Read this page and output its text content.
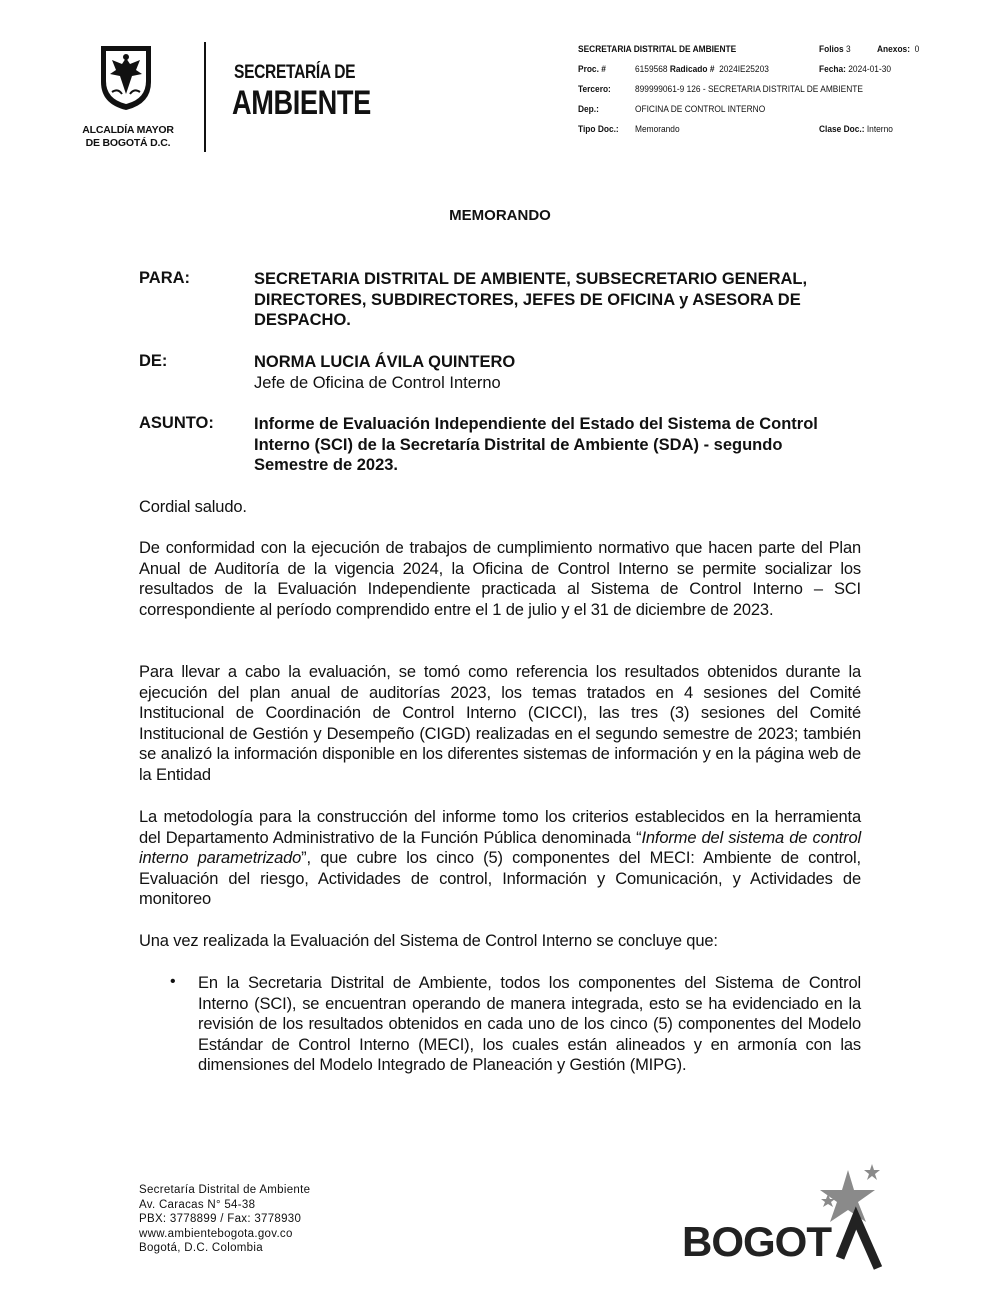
ALCALDÍA MAYOR
DE BOGOTÁ D.C.
SECRETARÍA DE
AMBIENTE
SECRETARIA DISTRITAL DE AMBIENTE	Folios 3	Anexos: 0
Proc. #	6159568 Radicado # 2024IE25203	Fecha: 2024-01-30
Tercero:	899999061-9 126 - SECRETARIA DISTRITAL DE AMBIENTE
Dep.:	OFICINA DE CONTROL INTERNO
Tipo Doc.: Memorando	Clase Doc.: Interno
MEMORANDO
PARA:	SECRETARIA DISTRITAL DE AMBIENTE, SUBSECRETARIO GENERAL, DIRECTORES, SUBDIRECTORES, JEFES DE OFICINA y ASESORA DE DESPACHO.
DE:	NORMA LUCIA ÁVILA QUINTERO
Jefe de Oficina de Control Interno
ASUNTO: Informe de Evaluación Independiente del Estado del Sistema de Control Interno (SCI) de la Secretaría Distrital de Ambiente (SDA) - segundo Semestre de 2023.
Cordial saludo.
De conformidad con la ejecución de trabajos de cumplimiento normativo que hacen parte del Plan Anual de Auditoría de la vigencia 2024, la Oficina de Control Interno se permite socializar los resultados de la Evaluación Independiente practicada al Sistema de Control Interno – SCI correspondiente al período comprendido entre el 1 de julio y el 31 de diciembre de 2023.
Para llevar a cabo la evaluación, se tomó como referencia los resultados obtenidos durante la ejecución del plan anual de auditorías 2023, los temas tratados en 4 sesiones del Comité Institucional de Coordinación de Control Interno (CICCI), las tres (3) sesiones del Comité Institucional de Gestión y Desempeño (CIGD) realizadas en el segundo semestre de 2023; también se analizó la información disponible en los diferentes sistemas de información y en la página web de la Entidad
La metodología para la construcción del informe tomo los criterios establecidos en la herramienta del Departamento Administrativo de la Función Pública denominada “Informe del sistema de control interno parametrizado”, que cubre los cinco (5) componentes del MECI: Ambiente de control, Evaluación del riesgo, Actividades de control, Información y Comunicación, y Actividades de monitoreo
Una vez realizada la Evaluación del Sistema de Control Interno se concluye que:
• En la Secretaria Distrital de Ambiente, todos los componentes del Sistema de Control Interno (SCI), se encuentran operando de manera integrada, esto se ha evidenciado en la revisión de los resultados obtenidos en cada uno de los cinco (5) componentes del Modelo Estándar de Control Interno (MECI), los cuales están alineados y en armonía con las dimensiones del Modelo Integrado de Planeación y Gestión (MIPG).
Secretaría Distrital de Ambiente
Av. Caracas N° 54-38
PBX: 3778899 / Fax: 3778930
www.ambientebogota.gov.co
Bogotá, D.C. Colombia	BOGOT
